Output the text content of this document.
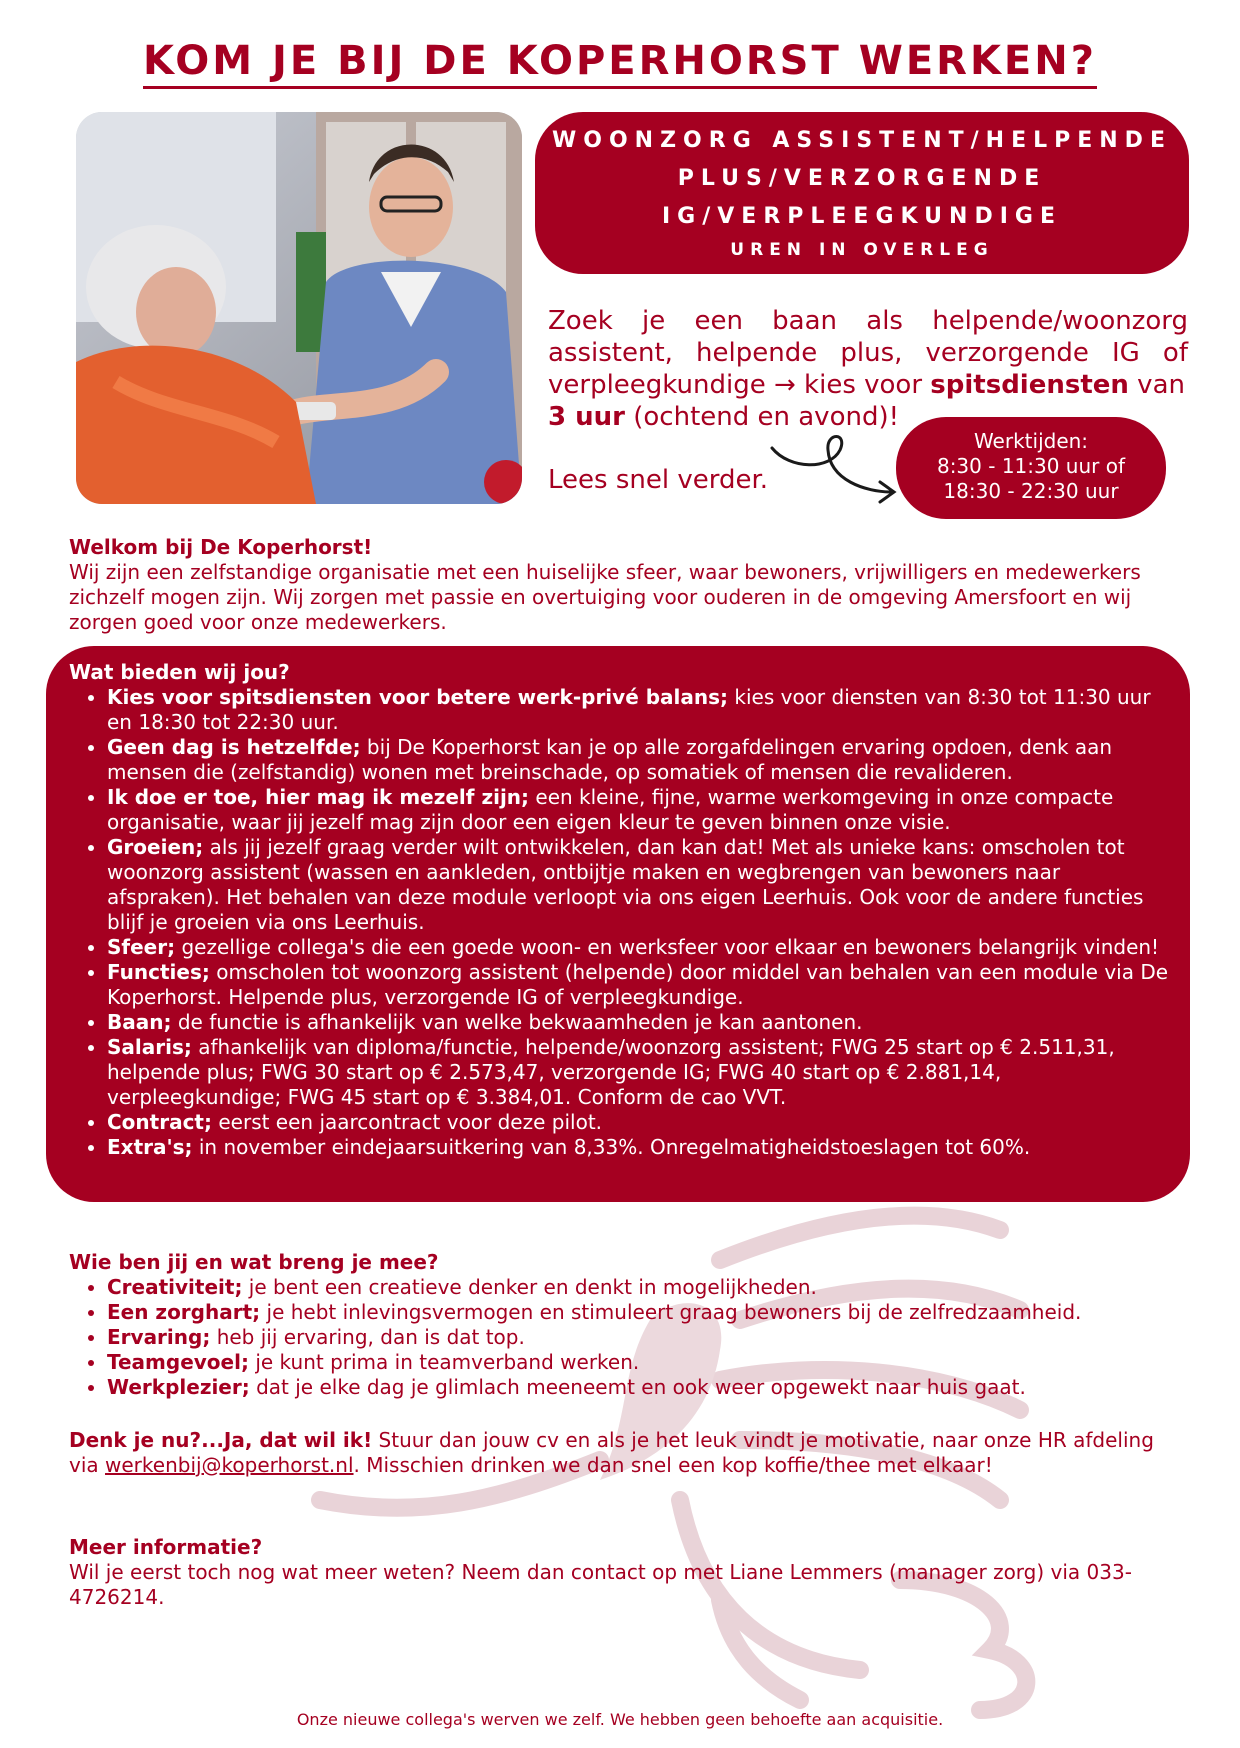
KOM JE BIJ DE KOPERHORST WERKEN?
WOONZORG ASSISTENT/HELPENDE
PLUS/VERZORGENDE
IG/VERPLEEGKUNDIGE
UREN IN OVERLEG
Zoek je een baan als helpende/woonzorg assistent, helpende plus, verzorgende IG of verpleegkundige → kies voor spitsdiensten van
3 uur (ochtend en avond)!
Lees snel verder.
Werktijden:
8:30 - 11:30 uur of
18:30 - 22:30 uur
Welkom bij De Koperhorst!

Wij zijn een zelfstandige organisatie met een huiselijke sfeer, waar bewoners, vrijwilligers en medewerkers zichzelf mogen zijn. Wij zorgen met passie en overtuiging voor ouderen in de omgeving Amersfoort en wij zorgen goed voor onze medewerkers.

Wat bieden wij jou?
• Kies voor spitsdiensten voor betere werk-privé balans; kies voor diensten van 8:30 tot 11:30 uur en 18:30 tot 22:30 uur.
• Geen dag is hetzelfde; bij De Koperhorst kan je op alle zorgafdelingen ervaring opdoen, denk aan mensen die (zelfstandig) wonen met breinschade, op somatiek of mensen die revalideren.
• Ik doe er toe, hier mag ik mezelf zijn; een kleine, fijne, warme werkomgeving in onze compacte organisatie, waar jij jezelf mag zijn door een eigen kleur te geven binnen onze visie.
• Groeien; als jij jezelf graag verder wilt ontwikkelen, dan kan dat! Met als unieke kans: omscholen tot woonzorg assistent (wassen en aankleden, ontbijtje maken en wegbrengen van bewoners naar afspraken). Het behalen van deze module verloopt via ons eigen Leerhuis. Ook voor de andere functies blijf je groeien via ons Leerhuis.
• Sfeer; gezellige collega's die een goede woon- en werksfeer voor elkaar en bewoners belangrijk vinden!
• Functies; omscholen tot woonzorg assistent (helpende) door middel van behalen van een module via De Koperhorst. Helpende plus, verzorgende IG of verpleegkundige.
• Baan; de functie is afhankelijk van welke bekwaamheden je kan aantonen.
• Salaris; afhankelijk van diploma/functie, helpende/woonzorg assistent; FWG 25 start op € 2.511,31, helpende plus; FWG 30 start op € 2.573,47, verzorgende IG; FWG 40 start op € 2.881,14, verpleegkundige; FWG 45 start op € 3.384,01. Conform de cao VVT.
• Contract; eerst een jaarcontract voor deze pilot.
• Extra's; in november eindejaarsuitkering van 8,33%. Onregelmatigheidstoeslagen tot 60%.
Wie ben jij en wat breng je mee?
• Creativiteit; je bent een creatieve denker en denkt in mogelijkheden.
• Een zorghart; je hebt inlevingsvermogen en stimuleert graag bewoners bij de zelfredzaamheid.
• Ervaring; heb jij ervaring, dan is dat top.
• Teamgevoel; je kunt prima in teamverband werken.
• Werkplezier; dat je elke dag je glimlach meeneemt en ook weer opgewekt naar huis gaat.

Denk je nu?...Ja, dat wil ik! Stuur dan jouw cv en als je het leuk vindt je motivatie, naar onze HR afdeling via werkenbij@koperhorst.nl. Misschien drinken we dan snel een kop koffie/thee met elkaar!

Meer informatie?

Wil je eerst toch nog wat meer weten? Neem dan contact op met Liane Lemmers (manager zorg) via 033-4726214.

Onze nieuwe collega's werven we zelf. We hebben geen behoefte aan acquisitie.
